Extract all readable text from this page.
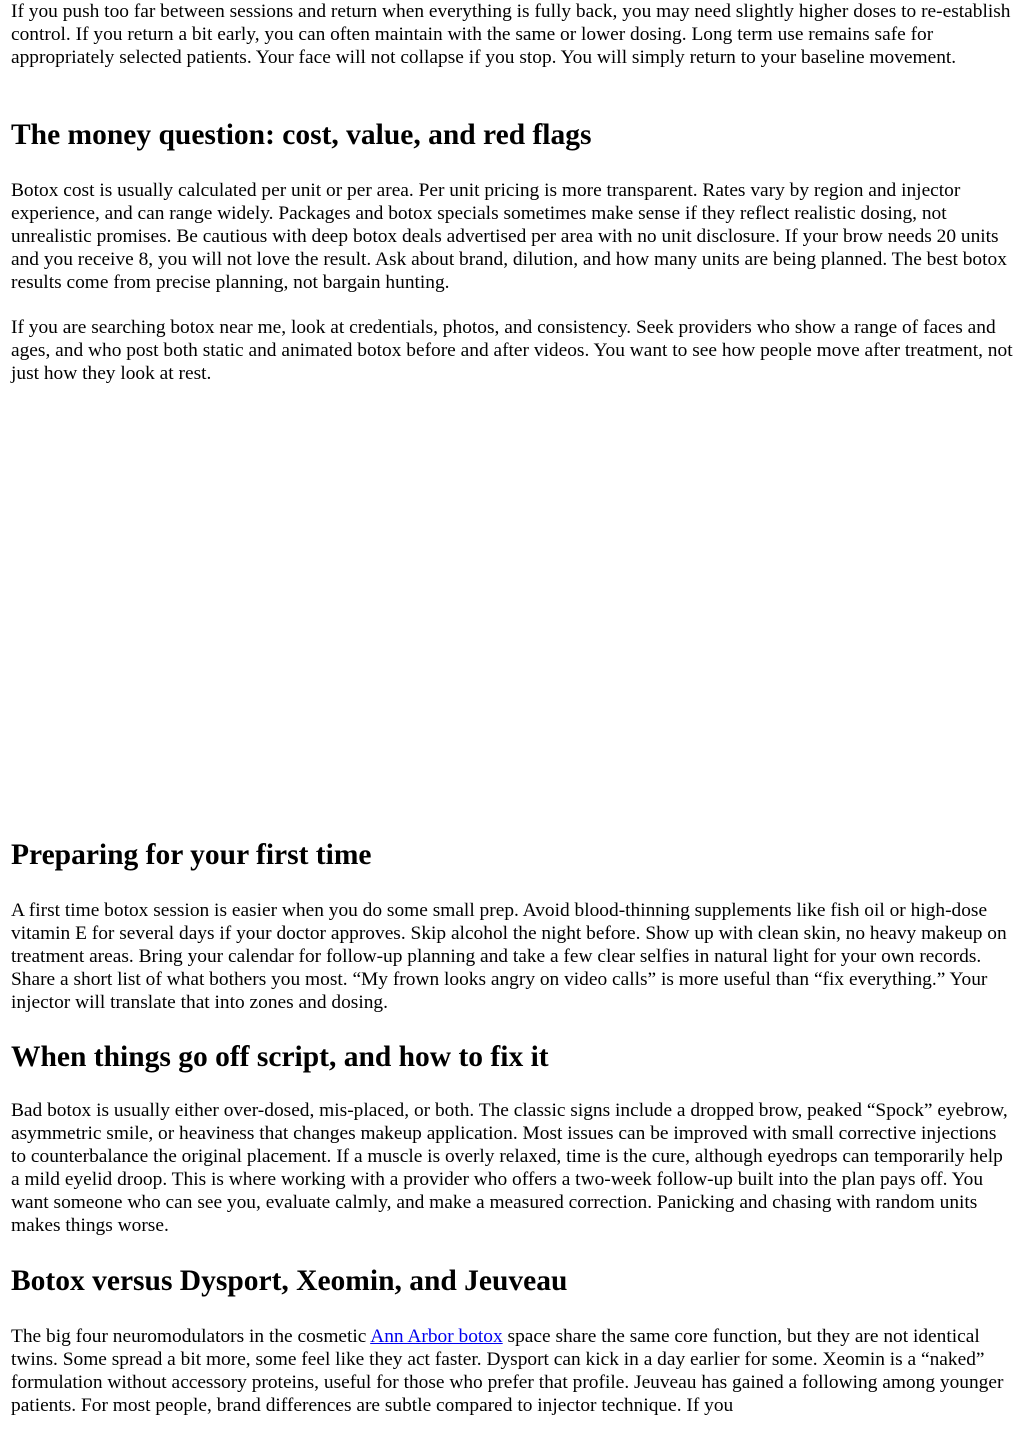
If you push too far between sessions and return when everything is fully back, you may need slightly higher doses to re-establish control. If you return a bit early, you can often maintain with the same or lower dosing. Long term use remains safe for appropriately selected patients. Your face will not collapse if you stop. You will simply return to your baseline movement.

The money question: cost, value, and red flags

Botox cost is usually calculated per unit or per area. Per unit pricing is more transparent. Rates vary by region and injector experience, and can range widely. Packages and botox specials sometimes make sense if they reflect realistic dosing, not unrealistic promises. Be cautious with deep botox deals advertised per area with no unit disclosure. If your brow needs 20 units and you receive 8, you will not love the result. Ask about brand, dilution, and how many units are being planned. The best botox results come from precise planning, not bargain hunting.

If you are searching botox near me, look at credentials, photos, and consistency. Seek providers who show a range of faces and ages, and who post both static and animated botox before and after videos. You want to see how people move after treatment, not just how they look at rest.

Preparing for your first time

A first time botox session is easier when you do some small prep. Avoid blood-thinning supplements like fish oil or high-dose vitamin E for several days if your doctor approves. Skip alcohol the night before. Show up with clean skin, no heavy makeup on treatment areas. Bring your calendar for follow-up planning and take a few clear selfies in natural light for your own records. Share a short list of what bothers you most. “My frown looks angry on video calls” is more useful than “fix everything.” Your injector will translate that into zones and dosing.

When things go off script, and how to fix it

Bad botox is usually either over-dosed, mis-placed, or both. The classic signs include a dropped brow, peaked “Spock” eyebrow, asymmetric smile, or heaviness that changes makeup application. Most issues can be improved with small corrective injections to counterbalance the original placement. If a muscle is overly relaxed, time is the cure, although eyedrops can temporarily help a mild eyelid droop. This is where working with a provider who offers a two-week follow-up built into the plan pays off. You want someone who can see you, evaluate calmly, and make a measured correction. Panicking and chasing with random units makes things worse.

Botox versus Dysport, Xeomin, and Jeuveau

The big four neuromodulators in the cosmetic Ann Arbor botox space share the same core function, but they are not identical twins. Some spread a bit more, some feel like they act faster. Dysport can kick in a day earlier for some. Xeomin is a “naked” formulation without accessory proteins, useful for those who prefer that profile. Jeuveau has gained a following among younger patients. For most people, brand differences are subtle compared to injector technique. If you
